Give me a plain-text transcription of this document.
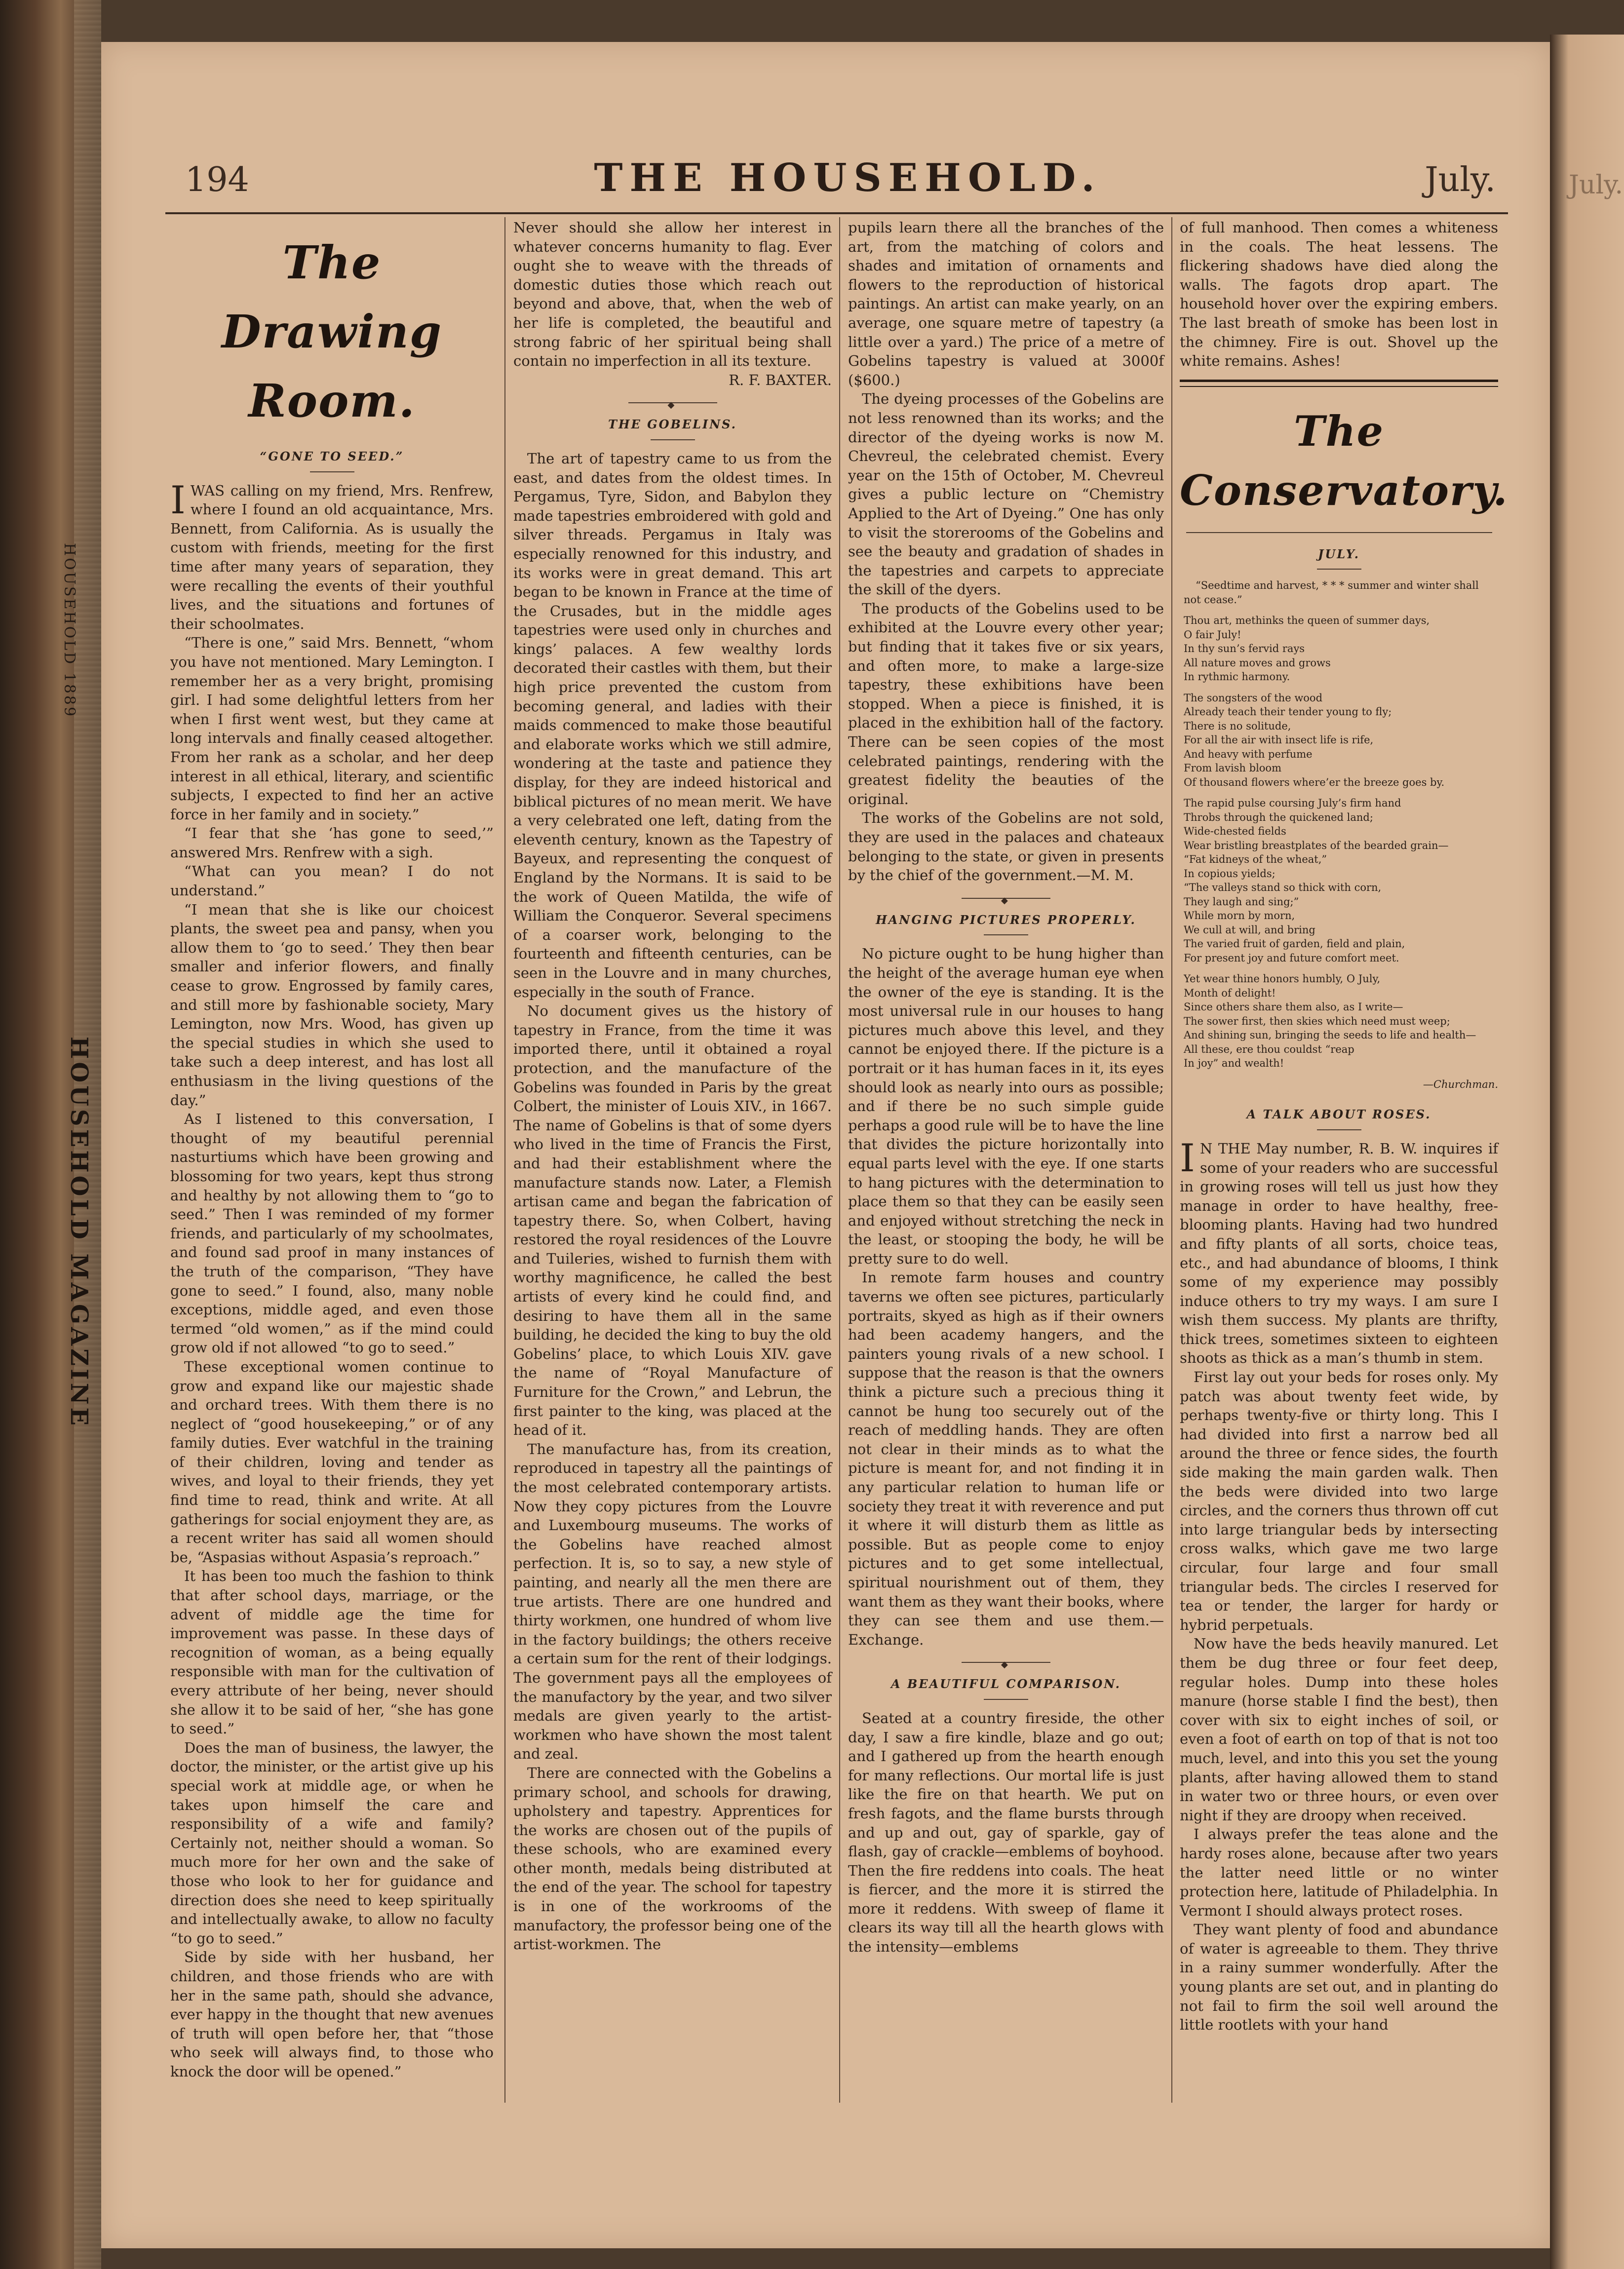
HOUSEHOLD 1889
HOUSEHOLD MAGAZINE
July.
194	THE HOUSEHOLD.	July.
The Drawing Room.
“GONE TO SEED.”

IWAS calling on my friend, Mrs. Renfrew, where I found an old acquaintance, Mrs. Bennett, from California. As is usually the custom with friends, meeting for the first time after many years of separation, they were recalling the events of their youthful lives, and the situations and fortunes of their schoolmates.

“There is one,” said Mrs. Bennett, “whom you have not mentioned. Mary Lemington. I remember her as a very bright, promising girl. I had some delightful letters from her when I first went west, but they came at long intervals and finally ceased altogether. From her rank as a scholar, and her deep interest in all ethical, literary, and scientific subjects, I expected to find her an active force in her family and in society.”

“I fear that she ‘has gone to seed,’” answered Mrs. Renfrew with a sigh.

“What can you mean? I do not understand.”

“I mean that she is like our choicest plants, the sweet pea and pansy, when you allow them to ‘go to seed.’ They then bear smaller and inferior flowers, and finally cease to grow. Engrossed by family cares, and still more by fashionable society, Mary Lemington, now Mrs. Wood, has given up the special studies in which she used to take such a deep interest, and has lost all enthusiasm in the living questions of the day.”

As I listened to this conversation, I thought of my beautiful perennial nasturtiums which have been growing and blossoming for two years, kept thus strong and healthy by not allowing them to “go to seed.” Then I was reminded of my former friends, and particularly of my schoolmates, and found sad proof in many instances of the truth of the comparison, “They have gone to seed.” I found, also, many noble exceptions, middle aged, and even those termed “old women,” as if the mind could grow old if not allowed “to go to seed.”

These exceptional women continue to grow and expand like our majestic shade and orchard trees. With them there is no neglect of “good housekeeping,” or of any family duties. Ever watchful in the training of their children, loving and tender as wives, and loyal to their friends, they yet find time to read, think and write. At all gatherings for social enjoyment they are, as a recent writer has said all women should be, “Aspasias without Aspasia’s reproach.”

It has been too much the fashion to think that after school days, marriage, or the advent of middle age the time for improvement was passe. In these days of recognition of woman, as a being equally responsible with man for the cultivation of every attribute of her being, never should she allow it to be said of her, “she has gone to seed.”

Does the man of business, the lawyer, the doctor, the minister, or the artist give up his special work at middle age, or when he takes upon himself the care and responsibility of a wife and family? Certainly not, neither should a woman. So much more for her own and the sake of those who look to her for guidance and direction does she need to keep spiritually and intellectually awake, to allow no faculty “to go to seed.”

Side by side with her husband, her children, and those friends who are with her in the same path, should she advance, ever happy in the thought that new avenues of truth will open before her, that “those who seek will always find, to those who knock the door will be opened.”

Never should she allow her interest in whatever concerns humanity to flag. Ever ought she to weave with the threads of domestic duties those which reach out beyond and above, that, when the web of her life is completed, the beautiful and strong fabric of her spiritual being shall contain no imperfection in all its texture.

R. F. BAXTER.

◆
THE GOBELINS.

The art of tapestry came to us from the east, and dates from the oldest times. In Pergamus, Tyre, Sidon, and Babylon they made tapestries embroidered with gold and silver threads. Pergamus in Italy was especially renowned for this industry, and its works were in great demand. This art began to be known in France at the time of the Crusades, but in the middle ages tapestries were used only in churches and kings’ palaces. A few wealthy lords decorated their castles with them, but their high price prevented the custom from becoming general, and ladies with their maids commenced to make those beautiful and elaborate works which we still admire, wondering at the taste and patience they display, for they are indeed historical and biblical pictures of no mean merit. We have a very celebrated one left, dating from the eleventh century, known as the Tapestry of Bayeux, and representing the conquest of England by the Normans. It is said to be the work of Queen Matilda, the wife of William the Conqueror. Several specimens of a coarser work, belonging to the fourteenth and fifteenth centuries, can be seen in the Louvre and in many churches, especially in the south of France.

No document gives us the history of tapestry in France, from the time it was imported there, until it obtained a royal protection, and the manufacture of the Gobelins was founded in Paris by the great Colbert, the minister of Louis XIV., in 1667. The name of Gobelins is that of some dyers who lived in the time of Francis the First, and had their establishment where the manufacture stands now. Later, a Flemish artisan came and began the fabrication of tapestry there. So, when Colbert, having restored the royal residences of the Louvre and Tuileries, wished to furnish them with worthy magnificence, he called the best artists of every kind he could find, and desiring to have them all in the same building, he decided the king to buy the old Gobelins’ place, to which Louis XIV. gave the name of “Royal Manufacture of Furniture for the Crown,” and Lebrun, the first painter to the king, was placed at the head of it.

The manufacture has, from its creation, reproduced in tapestry all the paintings of the most celebrated contemporary artists. Now they copy pictures from the Louvre and Luxembourg museums. The works of the Gobelins have reached almost perfection. It is, so to say, a new style of painting, and nearly all the men there are true artists. There are one hundred and thirty workmen, one hundred of whom live in the factory buildings; the others receive a certain sum for the rent of their lodgings. The government pays all the employees of the manufactory by the year, and two silver medals are given yearly to the artist-workmen who have shown the most talent and zeal.

There are connected with the Gobelins a primary school, and schools for drawing, upholstery and tapestry. Apprentices for the works are chosen out of the pupils of these schools, who are examined every other month, medals being distributed at the end of the year. The school for tapestry is in one of the workrooms of the manufactory, the professor being one of the artist-workmen. The

pupils learn there all the branches of the art, from the matching of colors and shades and imitation of ornaments and flowers to the reproduction of historical paintings. An artist can make yearly, on an average, one square metre of tapestry (a little over a yard.) The price of a metre of Gobelins tapestry is valued at 3000f ($600.)

The dyeing processes of the Gobelins are not less renowned than its works; and the director of the dyeing works is now M. Chevreul, the celebrated chemist. Every year on the 15th of October, M. Chevreul gives a public lecture on “Chemistry Applied to the Art of Dyeing.” One has only to visit the storerooms of the Gobelins and see the beauty and gradation of shades in the tapestries and carpets to appreciate the skill of the dyers.

The products of the Gobelins used to be exhibited at the Louvre every other year; but finding that it takes five or six years, and often more, to make a large-size tapestry, these exhibitions have been stopped. When a piece is finished, it is placed in the exhibition hall of the factory. There can be seen copies of the most celebrated paintings, rendering with the greatest fidelity the beauties of the original.

The works of the Gobelins are not sold, they are used in the palaces and chateaux belonging to the state, or given in presents by the chief of the government.—M. M.

◆
HANGING PICTURES PROPERLY.

No picture ought to be hung higher than the height of the average human eye when the owner of the eye is standing. It is the most universal rule in our houses to hang pictures much above this level, and they cannot be enjoyed there. If the picture is a portrait or it has human faces in it, its eyes should look as nearly into ours as possible; and if there be no such simple guide perhaps a good rule will be to have the line that divides the picture horizontally into equal parts level with the eye. If one starts to hang pictures with the determination to place them so that they can be easily seen and enjoyed without stretching the neck in the least, or stooping the body, he will be pretty sure to do well.

In remote farm houses and country taverns we often see pictures, particularly portraits, skyed as high as if their owners had been academy hangers, and the painters young rivals of a new school. I suppose that the reason is that the owners think a picture such a precious thing it cannot be hung too securely out of the reach of meddling hands. They are often not clear in their minds as to what the picture is meant for, and not finding it in any particular relation to human life or society they treat it with reverence and put it where it will disturb them as little as possible. But as people come to enjoy pictures and to get some intellectual, spiritual nourishment out of them, they want them as they want their books, where they can see them and use them.—Exchange.

◆
A BEAUTIFUL COMPARISON.

Seated at a country fireside, the other day, I saw a fire kindle, blaze and go out; and I gathered up from the hearth enough for many reflections. Our mortal life is just like the fire on that hearth. We put on fresh fagots, and the flame bursts through and up and out, gay of sparkle, gay of flash, gay of crackle—emblems of boyhood. Then the fire reddens into coals. The heat is fiercer, and the more it is stirred the more it reddens. With sweep of flame it clears its way till all the hearth glows with the intensity—emblems

of full manhood. Then comes a whiteness in the coals. The heat lessens. The flickering shadows have died along the walls. The fagots drop apart. The household hover over the expiring embers. The last breath of smoke has been lost in the chimney. Fire is out. Shovel up the white remains. Ashes!

The Conservatory.
JULY.
“Seedtime and harvest, * * * summer and winter shall not cease.”
Thou art, methinks the queen of summer days,
O fair July!
In thy sun’s fervid rays
All nature moves and grows
In rythmic harmony.
The songsters of the wood
Already teach their tender young to fly;
There is no solitude,
For all the air with insect life is rife,
And heavy with perfume
From lavish bloom
Of thousand flowers where’er the breeze goes by.
The rapid pulse coursing July’s firm hand
Throbs through the quickened land;
Wide-chested fields
Wear bristling breastplates of the bearded grain—
“Fat kidneys of the wheat,”
In copious yields;
“The valleys stand so thick with corn,
They laugh and sing;”
While morn by morn,
We cull at will, and bring
The varied fruit of garden, field and plain,
For present joy and future comfort meet.
Yet wear thine honors humbly, O July,
Month of delight!
Since others share them also, as I write—
The sower first, then skies which need must weep;
And shining sun, bringing the seeds to life and health—
All these, ere thou couldst “reap
In joy” and wealth!

—Churchman.

A TALK ABOUT ROSES.

I N THE May number, R. B. W. inquires if some of your readers who are successful in growing roses will tell us just how they manage in order to have healthy, free-blooming plants. Having had two hundred and fifty plants of all sorts, choice teas, etc., and had abundance of blooms, I think some of my experience may possibly induce others to try my ways. I am sure I wish them success. My plants are thrifty, thick trees, sometimes sixteen to eighteen shoots as thick as a man’s thumb in stem.

First lay out your beds for roses only. My patch was about twenty feet wide, by perhaps twenty-five or thirty long. This I had divided into first a narrow bed all around the three or fence sides, the fourth side making the main garden walk. Then the beds were divided into two large circles, and the corners thus thrown off cut into large triangular beds by intersecting cross walks, which gave me two large circular, four large and four small triangular beds. The circles I reserved for tea or tender, the larger for hardy or hybrid perpetuals.

Now have the beds heavily manured. Let them be dug three or four feet deep, regular holes. Dump into these holes manure (horse stable I find the best), then cover with six to eight inches of soil, or even a foot of earth on top of that is not too much, level, and into this you set the young plants, after having allowed them to stand in water two or three hours, or even over night if they are droopy when received.

I always prefer the teas alone and the hardy roses alone, because after two years the latter need little or no winter protection here, latitude of Philadelphia. In Vermont I should always protect roses.

They want plenty of food and abundance of water is agreeable to them. They thrive in a rainy summer wonderfully. After the young plants are set out, and in planting do not fail to firm the soil well around the little rootlets with your hand
